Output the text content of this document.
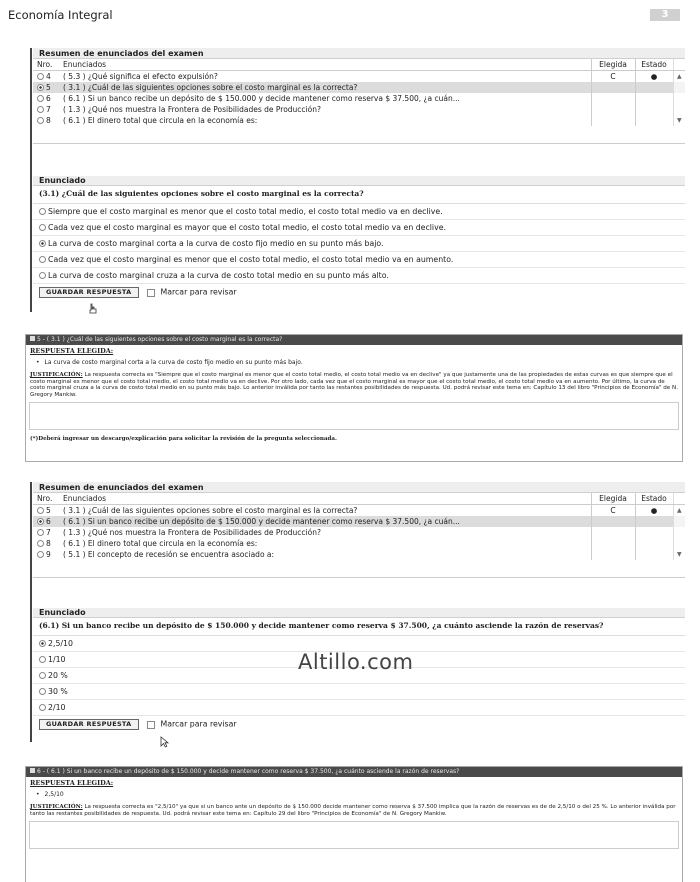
Economía Integral	3
Resumen de enunciados del examen
Nro.	Enunciados	Elegida	Estado	
4	( 5.3 ) ¿Qué significa el efecto expulsión?	C	●	▲
5	( 3.1 ) ¿Cuál de las siguientes opciones sobre el costo marginal es la correcta?			
6	( 6.1 ) Si un banco recibe un depósito de $ 150.000 y decide mantener como reserva $ 37.500, ¿a cuán...			
7	( 1.3 ) ¿Qué nos muestra la Frontera de Posibilidades de Producción?			
8	( 6.1 ) El dinero total que circula en la economía es:			▼
Enunciado
(3.1) ¿Cuál de las siguientes opciones sobre el costo marginal es la correcta?
Siempre que el costo marginal es menor que el costo total medio, el costo total medio va en declive.
Cada vez que el costo marginal es mayor que el costo total medio, el costo total medio va en declive.
La curva de costo marginal corta a la curva de costo fijo medio en su punto más bajo.
Cada vez que el costo marginal es menor que el costo total medio, el costo total medio va en aumento.
La curva de costo marginal cruza a la curva de costo total medio en su punto más alto.
GUARDAR RESPUESTA	Marcar para revisar
5 - ( 3.1 ) ¿Cuál de las siguientes opciones sobre el costo marginal es la correcta?
RESPUESTA ELEGIDA:
• La curva de costo marginal corta a la curva de costo fijo medio en su punto más bajo.
JUSTIFICACIÓN: La respuesta correcta es "Siempre que el costo marginal es menor que el costo total medio, el costo total medio va en declive" ya que justamente una de las propiedades de estas curvas es que siempre que el costo marginal es menor que el costo total medio, el costo total medio va en declive. Por otro lado, cada vez que el costo marginal es mayor que el costo total medio, el costo total medio va en aumento. Por último, la curva de costo marginal cruza a la curva de costo total medio en su punto más bajo. Lo anterior inválida por tanto las restantes posibilidades de respuesta. Ud. podrá revisar este tema en: Capítulo 13 del libro "Principios de Economía" de N. Gregory Mankiw.
(*)Deberá ingresar un descargo/explicación para solicitar la revisión de la pregunta seleccionada.
Resumen de enunciados del examen
Nro.	Enunciados	Elegida	Estado	
5	( 3.1 ) ¿Cuál de las siguientes opciones sobre el costo marginal es la correcta?	C	●	▲
6	( 6.1 ) Si un banco recibe un depósito de $ 150.000 y decide mantener como reserva $ 37.500, ¿a cuán...			
7	( 1.3 ) ¿Qué nos muestra la Frontera de Posibilidades de Producción?			
8	( 6.1 ) El dinero total que circula en la economía es:			
9	( 5.1 ) El concepto de recesión se encuentra asociado a:			▼
Enunciado
(6.1) Si un banco recibe un depósito de $ 150.000 y decide mantener como reserva $ 37.500, ¿a cuánto asciende la razón de reservas?
2,5/10
1/10
20 %
30 %
2/10
GUARDAR RESPUESTA	Marcar para revisar
Altillo.com
6 - ( 6.1 ) Si un banco recibe un depósito de $ 150.000 y decide mantener como reserva $ 37.500, ¿a cuánto asciende la razón de reservas?
RESPUESTA ELEGIDA:
• 2,5/10
JUSTIFICACIÓN: La respuesta correcta es "2,5/10" ya que si un banco ante un depósito de $ 150.000 decide mantener como reserva $ 37.500 implica que la razón de reservas es de de 2,5/10 o del 25 %. Lo anterior inválida por tanto las restantes posibilidades de respuesta. Ud. podrá revisar este tema en: Capítulo 29 del libro "Principios de Economía" de N. Gregory Mankiw.
